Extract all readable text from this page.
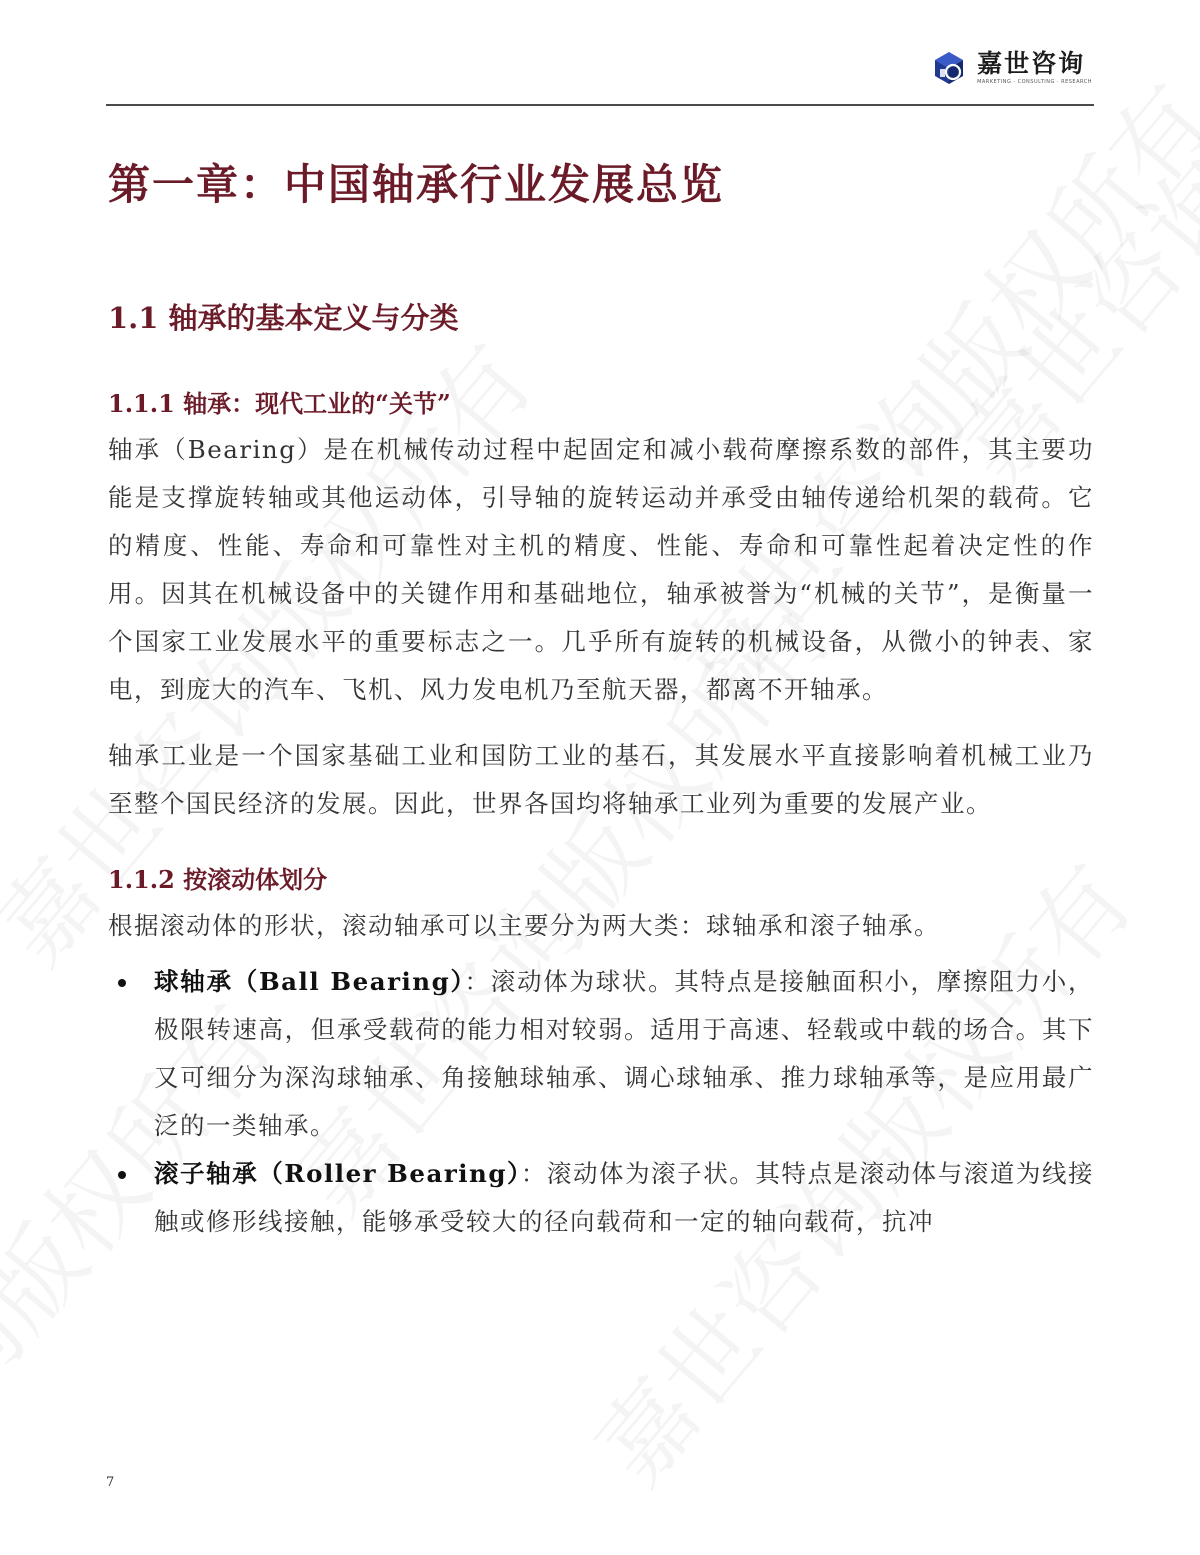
嘉世咨询
MARKETING · CONSULTING · RESEARCH
第一章：中国轴承行业发展总览
1.1 轴承的基本定义与分类
1.1.1 轴承：现代工业的“关节”

轴承（Bearing）是在机械传动过程中起固定和减小载荷摩擦系数的部件，其主要功能是支撑旋转轴或其他运动体，引导轴的旋转运动并承受由轴传递给机架的载荷。它的精度、性能、寿命和可靠性对主机的精度、性能、寿命和可靠性起着决定性的作用。因其在机械设备中的关键作用和基础地位，轴承被誉为“机械的关节”，是衡量一个国家工业发展水平的重要标志之一。几乎所有旋转的机械设备，从微小的钟表、家电，到庞大的汽车、飞机、风力发电机乃至航天器，都离不开轴承。

轴承工业是一个国家基础工业和国防工业的基石，其发展水平直接影响着机械工业乃至整个国民经济的发展。因此，世界各国均将轴承工业列为重要的发展产业。

1.1.2 按滚动体划分

根据滚动体的形状，滚动轴承可以主要分为两大类：球轴承和滚子轴承。

球轴承（Ball Bearing）：滚动体为球状。其特点是接触面积小，摩擦阻力小，极限转速高，但承受载荷的能力相对较弱。适用于高速、轻载或中载的场合。其下又可细分为深沟球轴承、角接触球轴承、调心球轴承、推力球轴承等，是应用最广泛的一类轴承。
滚子轴承（Roller Bearing）：滚动体为滚子状。其特点是滚动体与滚道为线接触或修形线接触，能够承受较大的径向载荷和一定的轴向载荷，抗冲
7
